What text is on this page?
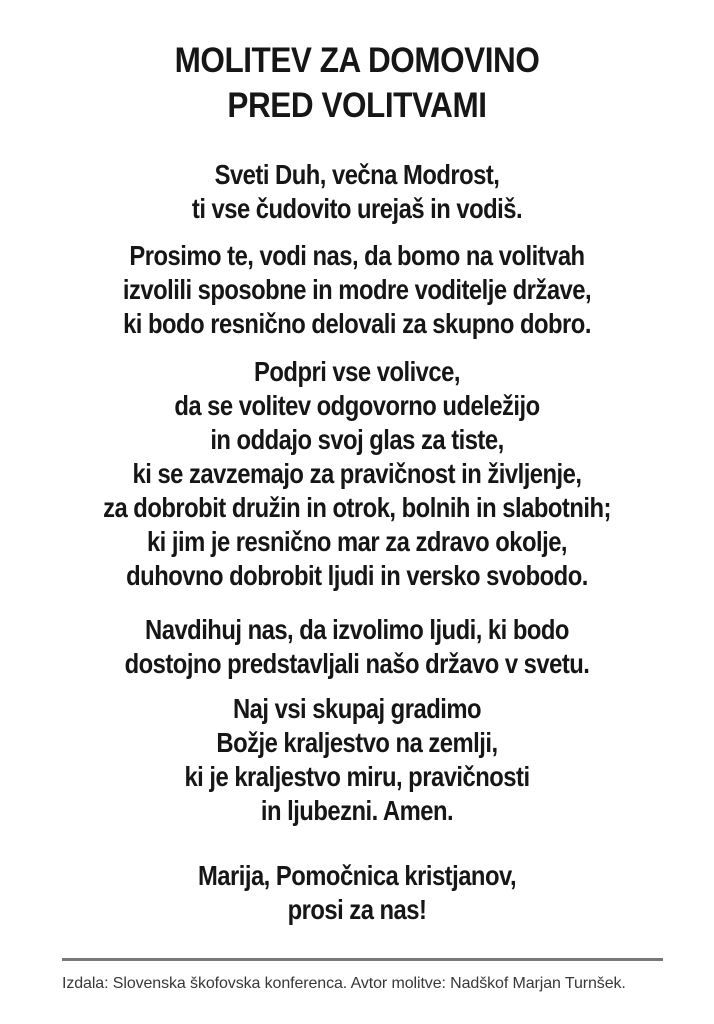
MOLITEV ZA DOMOVINO
PRED VOLITVAMI
Sveti Duh, večna Modrost,
ti vse čudovito urejaš in vodiš.
Prosimo te, vodi nas, da bomo na volitvah
izvolili sposobne in modre voditelje države,
ki bodo resnično delovali za skupno dobro.
Podpri vse volivce,
da se volitev odgovorno udeležijo
in oddajo svoj glas za tiste,
ki se zavzemajo za pravičnost in življenje,
za dobrobit družin in otrok, bolnih in slabotnih;
ki jim je resnično mar za zdravo okolje,
duhovno dobrobit ljudi in versko svobodo.
Navdihuj nas, da izvolimo ljudi, ki bodo
dostojno predstavljali našo državo v svetu.
Naj vsi skupaj gradimo
Božje kraljestvo na zemlji,
ki je kraljestvo miru, pravičnosti
in ljubezni. Amen.
Marija, Pomočnica kristjanov,
prosi za nas!
Izdala: Slovenska škofovska konferenca. Avtor molitve: Nadškof Marjan Turnšek.
